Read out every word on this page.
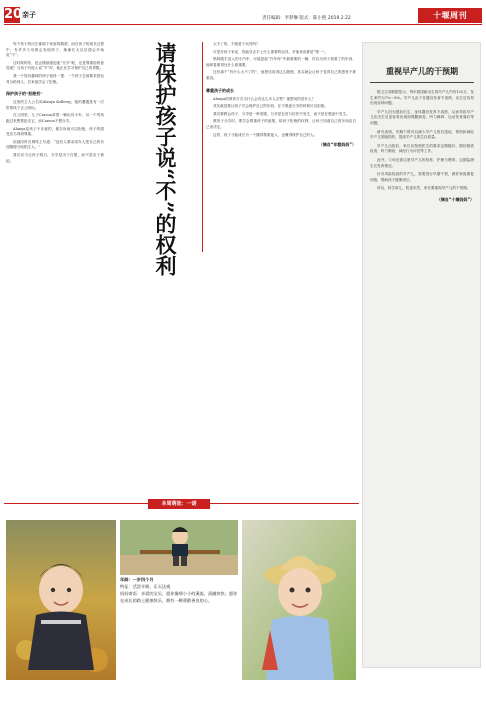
20 亲子	责任编辑：李梦琳 版式：陈小艳 2019.2.22	十堰周刊

每个孩子的出生都源于家庭的期望，而在孩子的成长过程中，有许多父母都会发现孩子，渐渐长大以后便会开始说“不”。

这时候的你，是会继续强迫他“分享”呢，还是尊重他的意见呢？当孩子对他人说“不”时，他正在学习保护自己的界限。

我一个饶有趣味的例子值得一提：一个孩子总被要求把玩具分给别人，后来他学会了拒绝。

保护孩子的“拒绝权”

这里的主人公名叫Alanya Kolberg，她的遭遇是有一次带着孩子去公园玩。

在公园里，儿子Carson拿着一辆玩具卡车，另一个男孩跑过来想要抢走它，而Carson不想分享。

Alanya是孩子不乐意的，便告诉他可以拒绝，孩子的感受应当得到尊重。

但她同时在网络上写道：“没有人要求成年人把自己的东西随便分给陌生人。”

我们应当让孩子明白，分享是出于自愿，而不是出于被迫。	请保护孩子说“不”的权利	大不了的，不就是个玩具吗？

可是对孩子来说，你能夺去手上什么重要的玩具，对他来说都是“唯一”。

妈妈随手送人的小汽车，可能是他“汽车库”中最重要的一辆，你以为孩子看重了的东西，他却看重得比什么都重要。

还有那个“有什么大不了的”，他把话说得这么随便，其实就会让孩子觉得自己的感受不被重视。

尊重孩子的成长

Alanya的教育方式为什么会有这么多人点赞？她想说的是什么？

其实就是要让孩子学会保护自己的东西，在不愿意分享的时候可以拒绝。

我们要教会孩子，分享是一种美德，分享是在爱与信任中发生，而不是在强迫中发生。

教孩子分享时，要学会尊重孩子的意愿，给孩子拒绝的权利，让孩子知道自己的东西由自己来决定。

这样，孩子才能成长为一个懂得尊重他人、也懂得保护自己的人。

（摘自“年糕妈妈”）
重视早产儿的干预期

据卫生部数据显示，每年我国新出生的早产儿约有120万，发生率约为7%～8%。早产儿由于各器官发育不成熟，出生后容易出现各种问题。

早产儿因为提前出生，身体器官发育不成熟，从而导致早产儿在出生后更容易出现视网膜病变、听力障碍、运动发育落后等问题。

研究表明，早期干预可以减少早产儿的后遗症，预防和减轻早产儿的脑损伤，提高早产儿的生存质量。

早产儿出院后，家长应按照医生的要求定期随访，做好眼底检查、听力筛查、神经行为评估等工作。

此外，父母还需注意早产儿的营养、护理与喂养，定期监测生长发育情况。

针对风险较高的早产儿，需要进行早期干预，做好家庭康复训练，帮助孩子健康成长。

所以，科学育儿，防患未然，家长要重视早产儿的干预期。

（摘自“十堰妈妈”）
本周萌娃：一诺
年龄：一岁四个月
特征：活泼开朗、乐天达观
妈妈寄语：亲爱的宝贝，愿你像那小小的溪流，清澈欢快；愿你在成长的路上健康快乐，拥有一颗勇敢善良的心。
